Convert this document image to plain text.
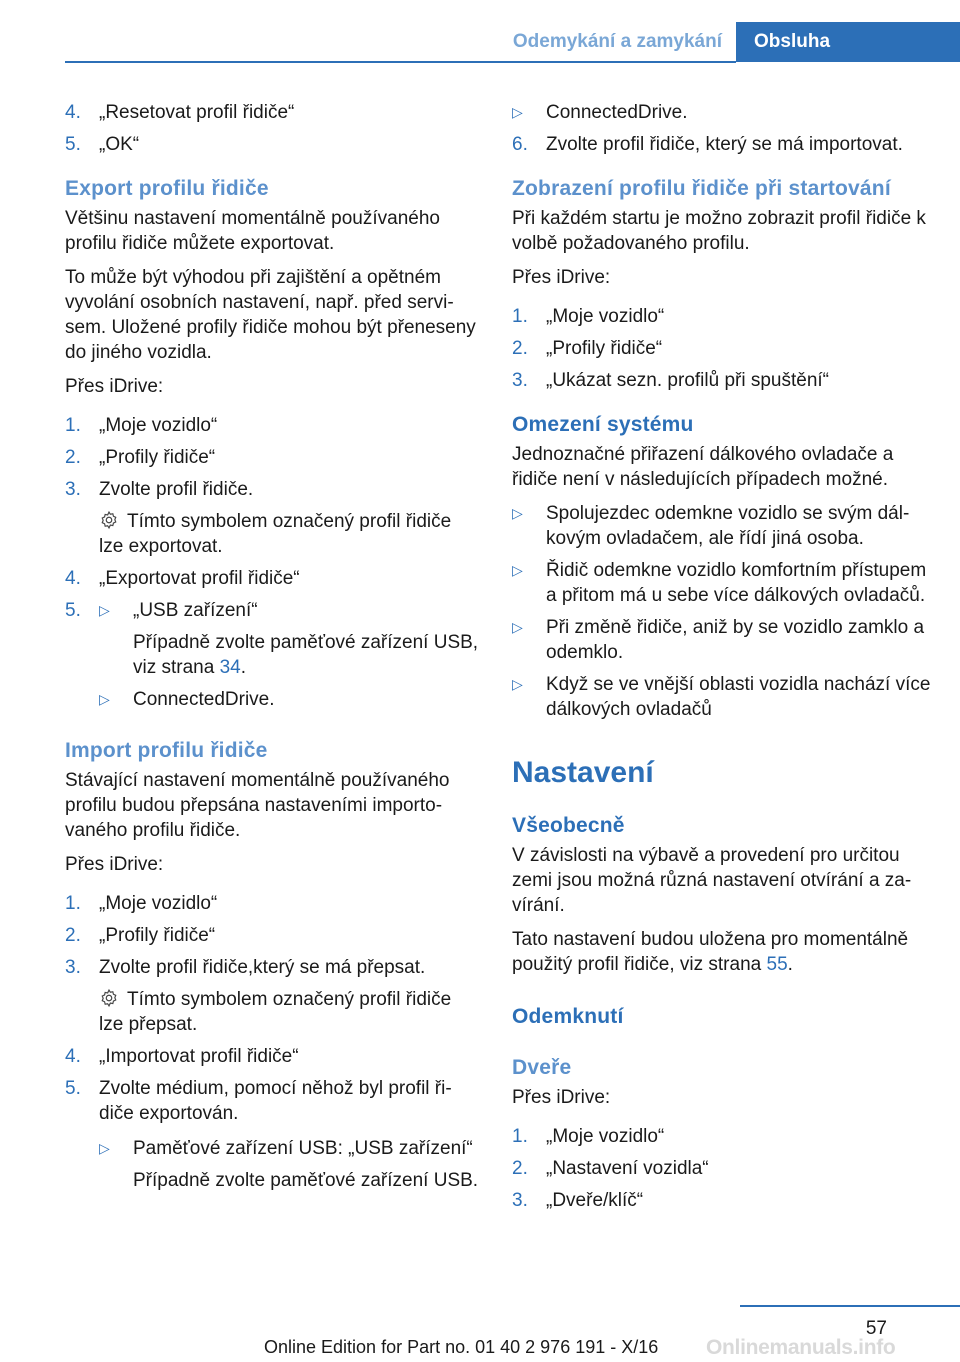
Odemykání a zamykání	Obsluha
4. „Resetovat profil řidiče“
5. „OK“
Export profilu řidiče

Většinu nastavení momentálně používaného profilu řidiče můžete exportovat.

To může být výhodou při zajištění a opětném vyvolání osobních nastavení, např. před servisem. Uložené profily řidiče mohou být přeneseny do jiného vozidla.

Přes iDrive:

1. „Moje vozidlo“
2. „Profily řidiče“
3. Zvolte profil řidiče.
Tímto symbolem označený profil řidiče lze exportovat.
4. „Exportovat profil řidiče“
5.	▷	„USB zařízení“
Případně zvolte paměťové zařízení USB, viz strana 34.
▷	ConnectedDrive.
Import profilu řidiče

Stávající nastavení momentálně používaného profilu budou přepsána nastaveními importovaného profilu řidiče.

Přes iDrive:

1. „Moje vozidlo“
2. „Profily řidiče“
3. Zvolte profil řidiče,který se má přepsat.
Tímto symbolem označený profil řidiče lze přepsat.
4. „Importovat profil řidiče“
5. Zvolte médium, pomocí něhož byl profil řidiče exportován.
▷	Paměťové zařízení USB: „USB zařízení“
Případně zvolte paměťové zařízení USB.
▷	ConnectedDrive.
6. Zvolte profil řidiče, který se má importovat.
Zobrazení profilu řidiče při startování

Při každém startu je možno zobrazit profil řidiče k volbě požadovaného profilu.

Přes iDrive:

1. „Moje vozidlo“
2. „Profily řidiče“
3. „Ukázat sezn. profilů při spuštění“
Omezení systému

Jednoznačné přiřazení dálkového ovladače a řidiče není v následujících případech možné.

▷	Spolujezdec odemkne vozidlo se svým dálkovým ovladačem, ale řídí jiná osoba.
▷	Řidič odemkne vozidlo komfortním přístupem a přitom má u sebe více dálkových ovladačů.
▷	Při změně řidiče, aniž by se vozidlo zamklo a odemklo.
▷	Když se ve vnější oblasti vozidla nachází více dálkových ovladačů
Nastavení
Všeobecně

V závislosti na výbavě a provedení pro určitou zemi jsou možná různá nastavení otvírání a zavírání.

Tato nastavení budou uložena pro momentálně použitý profil řidiče, viz strana 55.

Odemknutí
Dveře

Přes iDrive:

1. „Moje vozidlo“
2. „Nastavení vozidla“
3. „Dveře/klíč“
57
Online Edition for Part no. 01 40 2 976 191 - X/16 Onlinemanuals.info
